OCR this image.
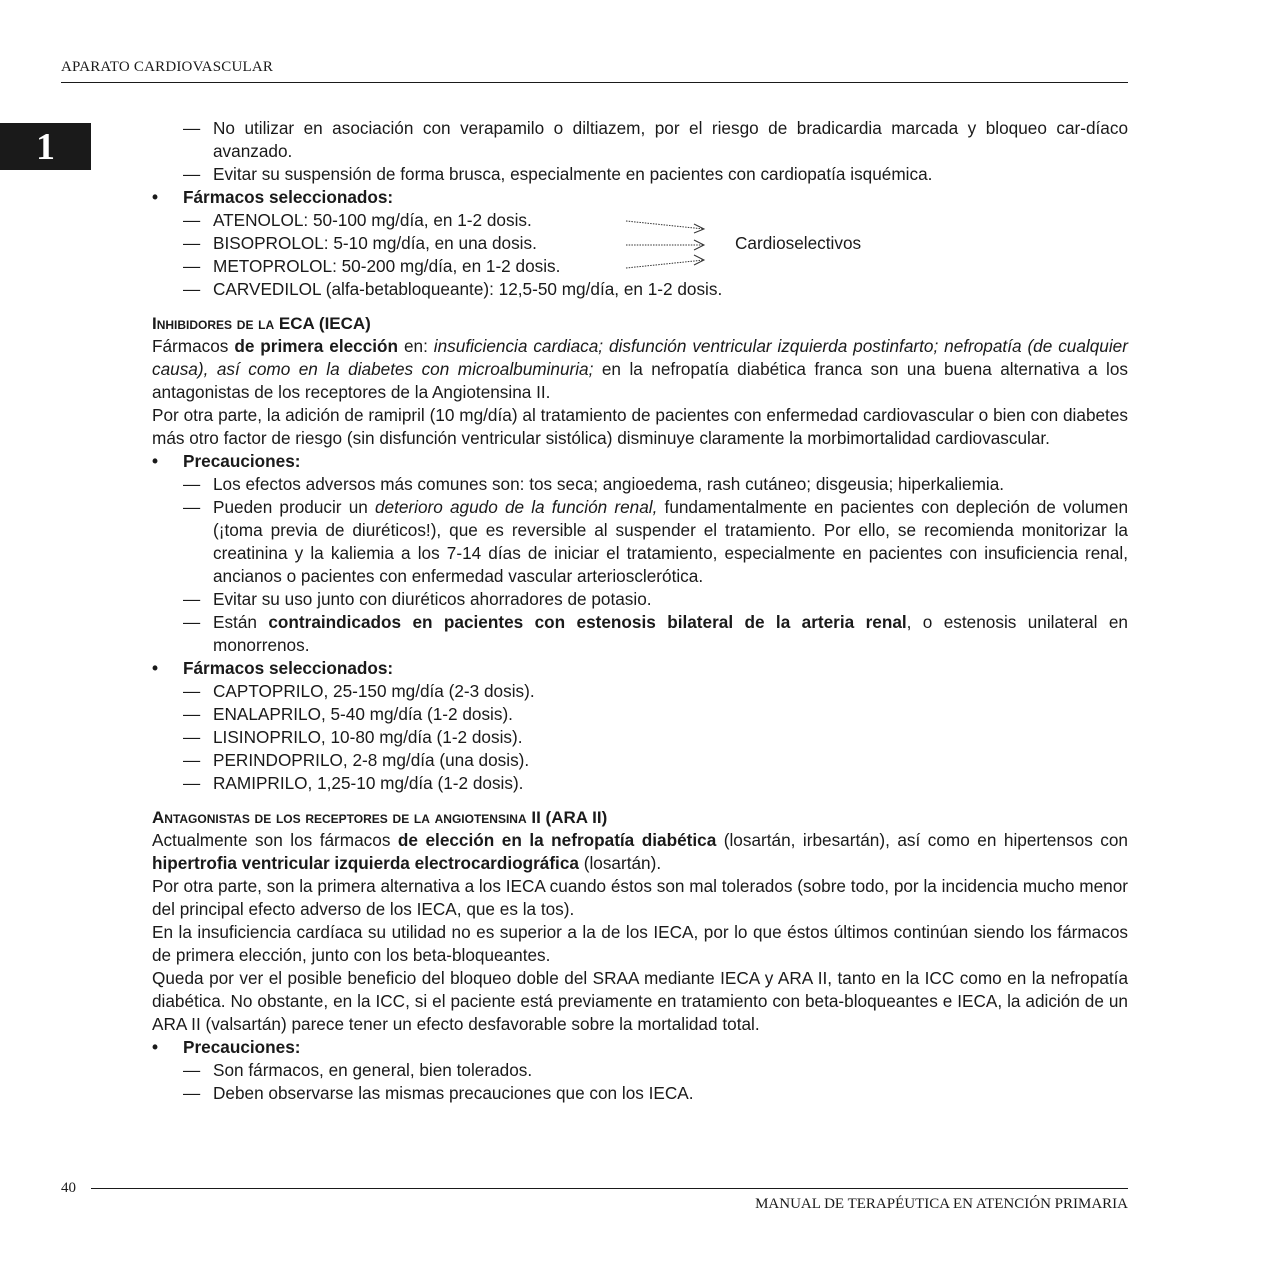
APARATO CARDIOVASCULAR
1	— No utilizar en asociación con verapamilo o diltiazem, por el riesgo de bradicardia marcada y bloqueo car-díaco avanzado.
— Evitar su suspensión de forma brusca, especialmente en pacientes con cardiopatía isquémica.
• Fármacos seleccionados:
— ATENOLOL: 50-100 mg/día, en 1-2 dosis.
— BISOPROLOL: 5-10 mg/día, en una dosis.
— METOPROLOL: 50-200 mg/día, en 1-2 dosis.
— CARVEDILOL (alfa-betabloqueante): 12,5-50 mg/día, en 1-2 dosis.
Cardioselectivos
Inhibidores de la ECA (IECA)
Fármacos de primera elección en: insuficiencia cardiaca; disfunción ventricular izquierda postinfarto; nefropatía (de cualquier causa), así como en la diabetes con microalbuminuria; en la nefropatía diabética franca son una buena alternativa a los antagonistas de los receptores de la Angiotensina II.
Por otra parte, la adición de ramipril (10 mg/día) al tratamiento de pacientes con enfermedad cardiovascular o bien con diabetes más otro factor de riesgo (sin disfunción ventricular sistólica) disminuye claramente la morbimortalidad cardiovascular.
• Precauciones:
— Los efectos adversos más comunes son: tos seca; angioedema, rash cutáneo; disgeusia; hiperkaliemia.
— Pueden producir un deterioro agudo de la función renal, fundamentalmente en pacientes con depleción de volumen (¡toma previa de diuréticos!), que es reversible al suspender el tratamiento. Por ello, se recomienda monitorizar la creatinina y la kaliemia a los 7-14 días de iniciar el tratamiento, especialmente en pacientes con insuficiencia renal, ancianos o pacientes con enfermedad vascular arteriosclerótica.
— Evitar su uso junto con diuréticos ahorradores de potasio.
— Están contraindicados en pacientes con estenosis bilateral de la arteria renal, o estenosis unilateral en monorrenos.
• Fármacos seleccionados:
— CAPTOPRILO, 25-150 mg/día (2-3 dosis).
— ENALAPRILO, 5-40 mg/día (1-2 dosis).
— LISINOPRILO, 10-80 mg/día (1-2 dosis).
— PERINDOPRILO, 2-8 mg/día (una dosis).
— RAMIPRILO, 1,25-10 mg/día (1-2 dosis).
Antagonistas de los receptores de la angiotensina II (ARA II)
Actualmente son los fármacos de elección en la nefropatía diabética (losartán, irbesartán), así como en hipertensos con hipertrofia ventricular izquierda electrocardiográfica (losartán).
Por otra parte, son la primera alternativa a los IECA cuando éstos son mal tolerados (sobre todo, por la incidencia mucho menor del principal efecto adverso de los IECA, que es la tos).
En la insuficiencia cardíaca su utilidad no es superior a la de los IECA, por lo que éstos últimos continúan siendo los fármacos de primera elección, junto con los beta-bloqueantes.
Queda por ver el posible beneficio del bloqueo doble del SRAA mediante IECA y ARA II, tanto en la ICC como en la nefropatía diabética. No obstante, en la ICC, si el paciente está previamente en tratamiento con beta-bloqueantes e IECA, la adición de un ARA II (valsartán) parece tener un efecto desfavorable sobre la mortalidad total.
• Precauciones:
— Son fármacos, en general, bien tolerados.
— Deben observarse las mismas precauciones que con los IECA.
40
MANUAL DE TERAPÉUTICA EN ATENCIÓN PRIMARIA
